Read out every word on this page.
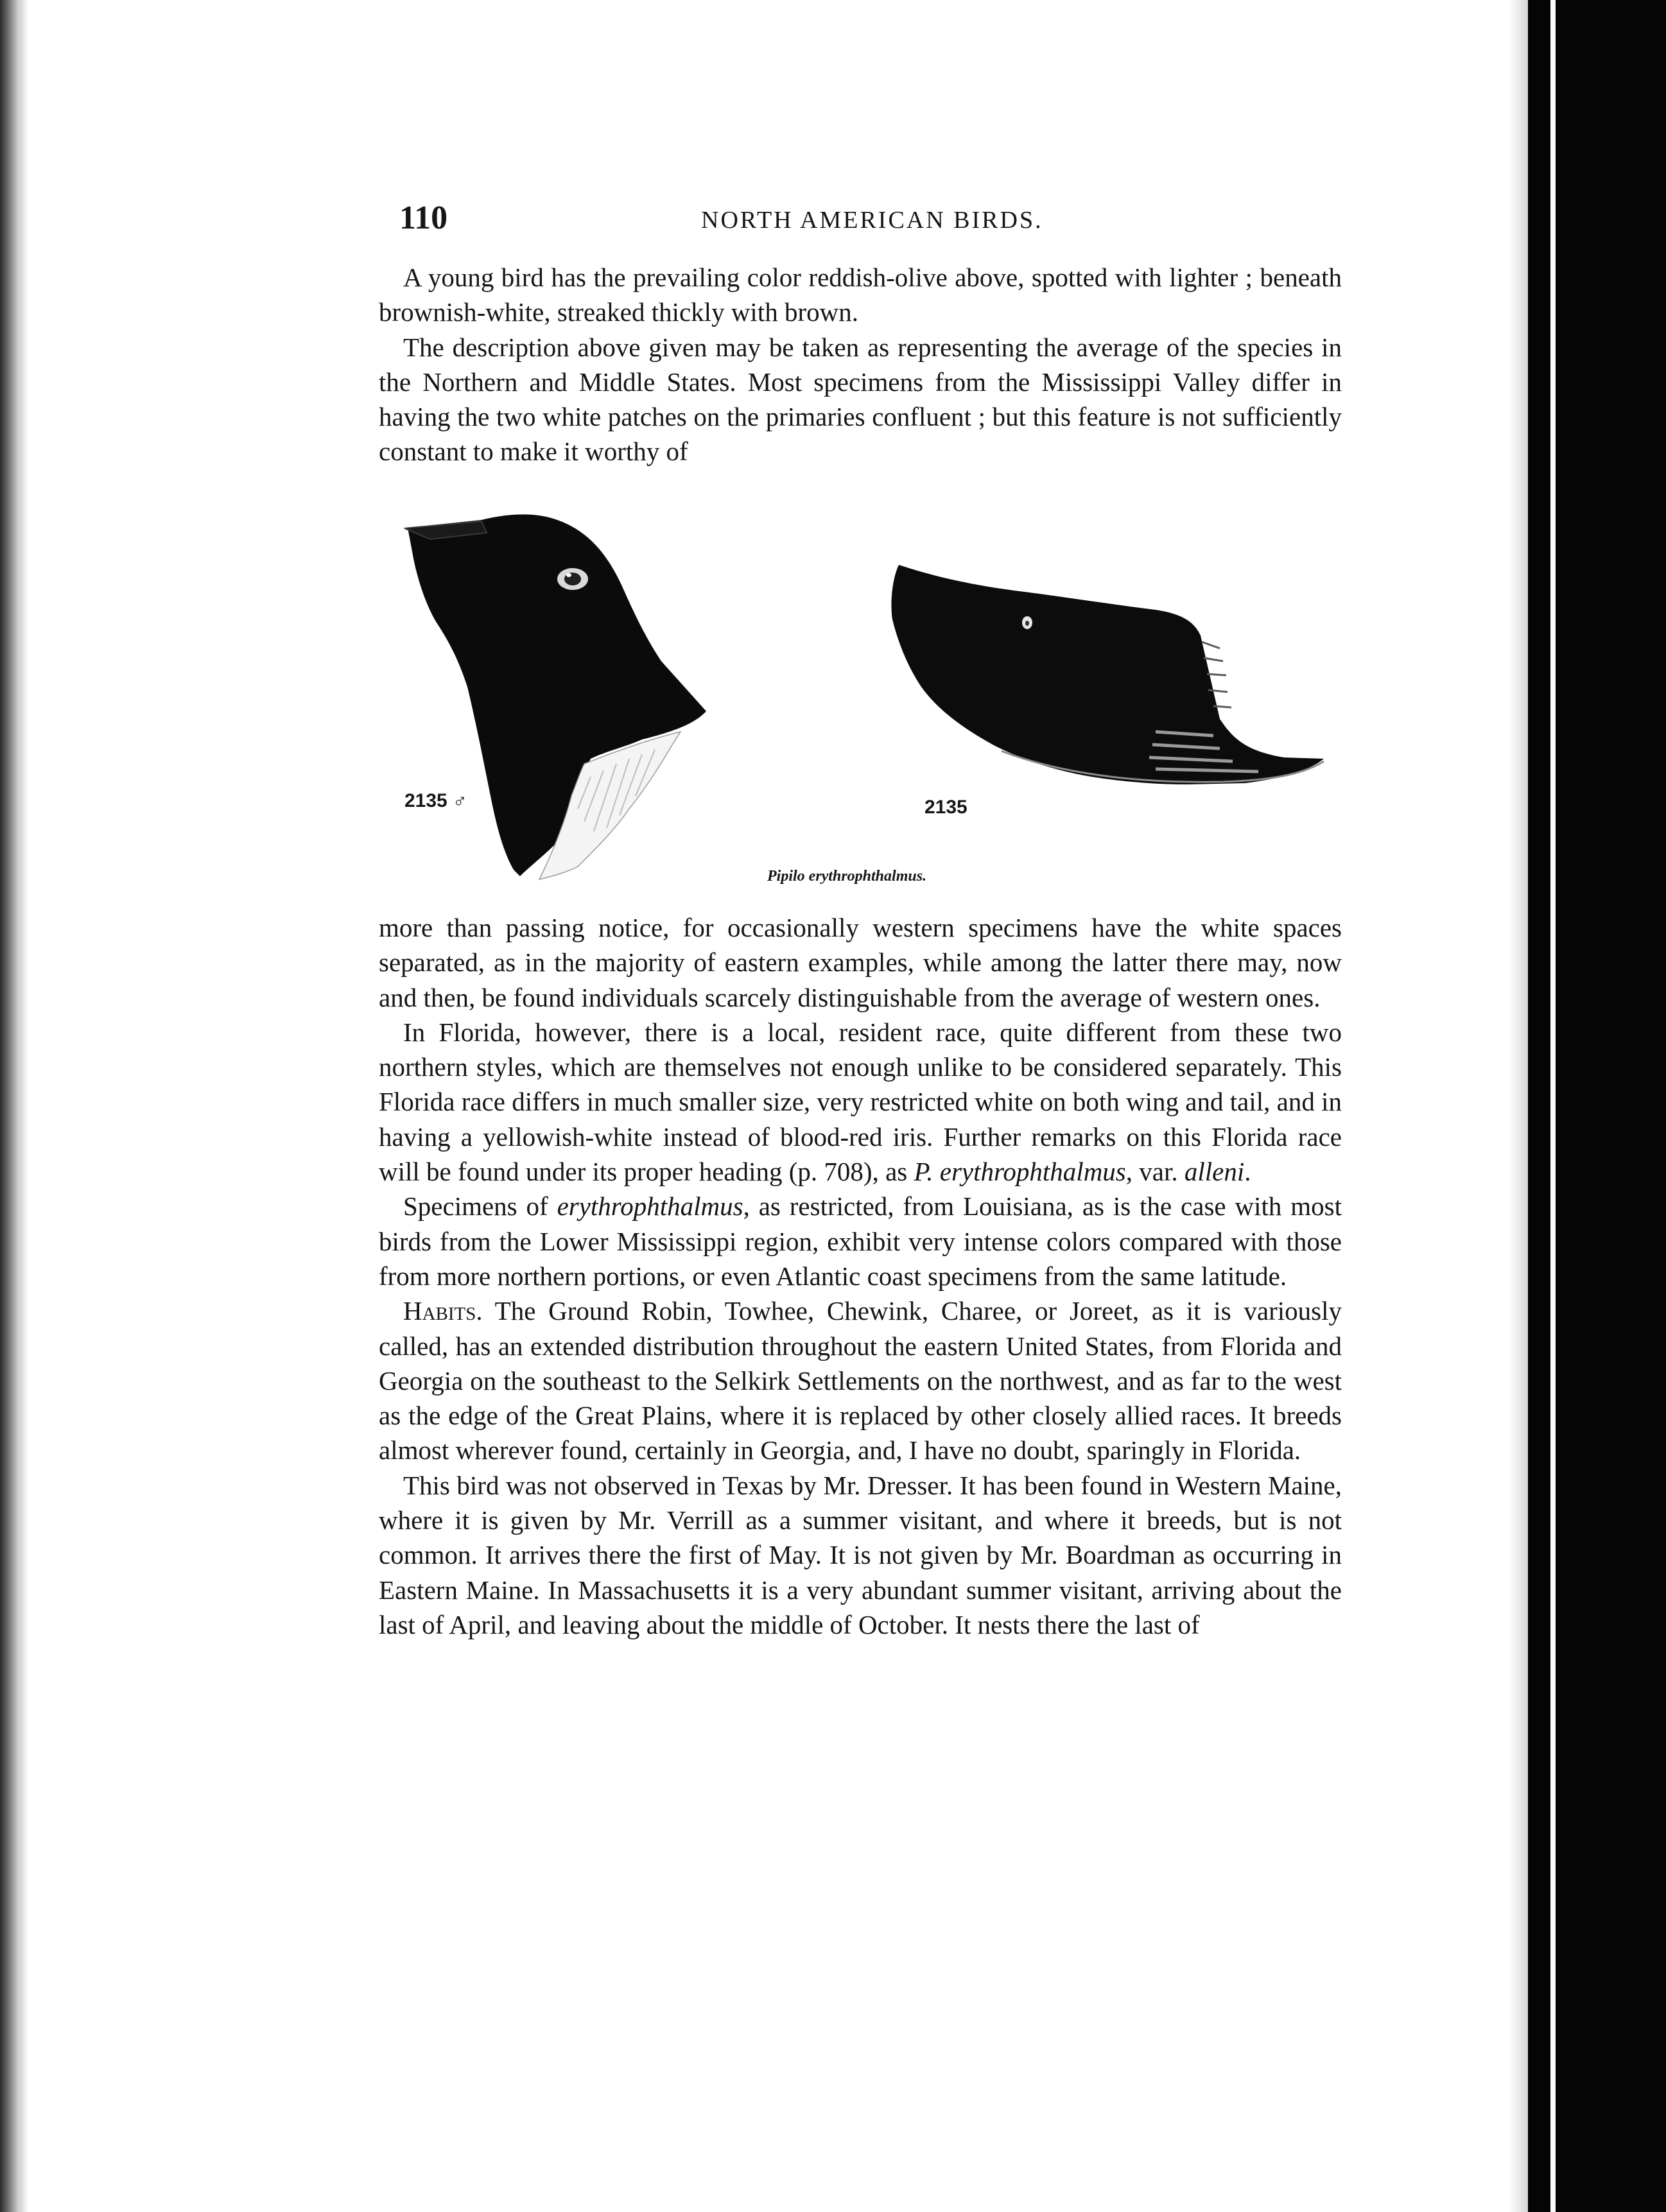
110	NORTH AMERICAN BIRDS.

A young bird has the prevailing color reddish-olive above, spotted with lighter ; beneath brownish-white, streaked thickly with brown.

The description above given may be taken as representing the average of the species in the Northern and Middle States. Most specimens from the Mississippi Valley differ in having the two white patches on the primaries confluent ; but this feature is not sufficiently constant to make it worthy of

2135 ♂	2135
Pipilo erythrophthalmus.

more than passing notice, for occasionally western specimens have the white spaces separated, as in the majority of eastern examples, while among the latter there may, now and then, be found individuals scarcely distinguishable from the average of western ones.

In Florida, however, there is a local, resident race, quite different from these two northern styles, which are themselves not enough unlike to be considered separately. This Florida race differs in much smaller size, very restricted white on both wing and tail, and in having a yellowish-white instead of blood-red iris. Further remarks on this Florida race will be found under its proper heading (p. 708), as P. erythrophthalmus, var. alleni.

Specimens of erythrophthalmus, as restricted, from Louisiana, as is the case with most birds from the Lower Mississippi region, exhibit very intense colors compared with those from more northern portions, or even Atlantic coast specimens from the same latitude.

Habits. The Ground Robin, Towhee, Chewink, Charee, or Joreet, as it is variously called, has an extended distribution throughout the eastern United States, from Florida and Georgia on the southeast to the Selkirk Settlements on the northwest, and as far to the west as the edge of the Great Plains, where it is replaced by other closely allied races. It breeds almost wherever found, certainly in Georgia, and, I have no doubt, sparingly in Florida.

This bird was not observed in Texas by Mr. Dresser. It has been found in Western Maine, where it is given by Mr. Verrill as a summer visitant, and where it breeds, but is not common. It arrives there the first of May. It is not given by Mr. Boardman as occurring in Eastern Maine. In Massachusetts it is a very abundant summer visitant, arriving about the last of April, and leaving about the middle of October. It nests there the last of
